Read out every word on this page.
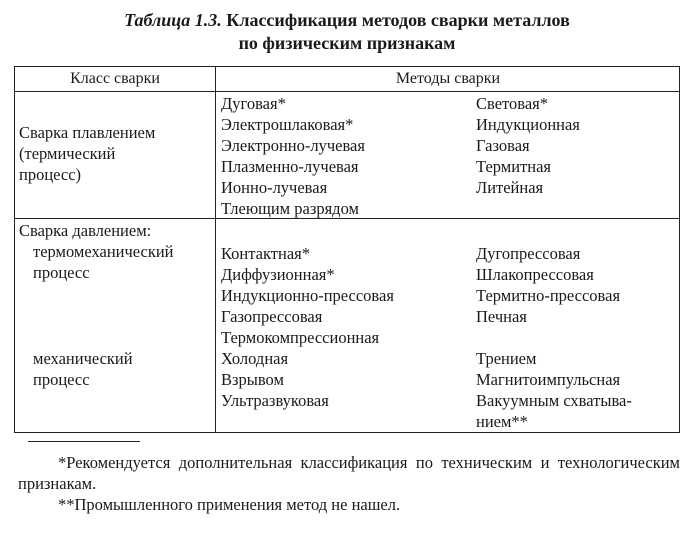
Таблица 1.3. Классификация методов сварки металлов
по физическим признакам
Класс сварки	Методы сварки
Сварка плавлением
(термический
процесс)
Дуговая*
Электрошлаковая*
Электронно-лучевая
Плазменно-лучевая
Ионно-лучевая
Тлеющим разрядом
Световая*
Индукционная
Газовая
Термитная
Литейная
Сварка давлением:
термомеханический
процесс
Контактная*
Диффузионная*
Индукционно-прессовая
Газопрессовая
Термокомпрессионная
Дугопрессовая
Шлакопрессовая
Термитно-прессовая
Печная
механический
процесс
Холодная
Взрывом
Ультразвуковая
Трением
Магнитоимпульсная
Вакуумным схватыва-
нием**
*Рекомендуется дополнительная классификация по техническим и технологическим признакам.
**Промышленного применения метод не нашел.
